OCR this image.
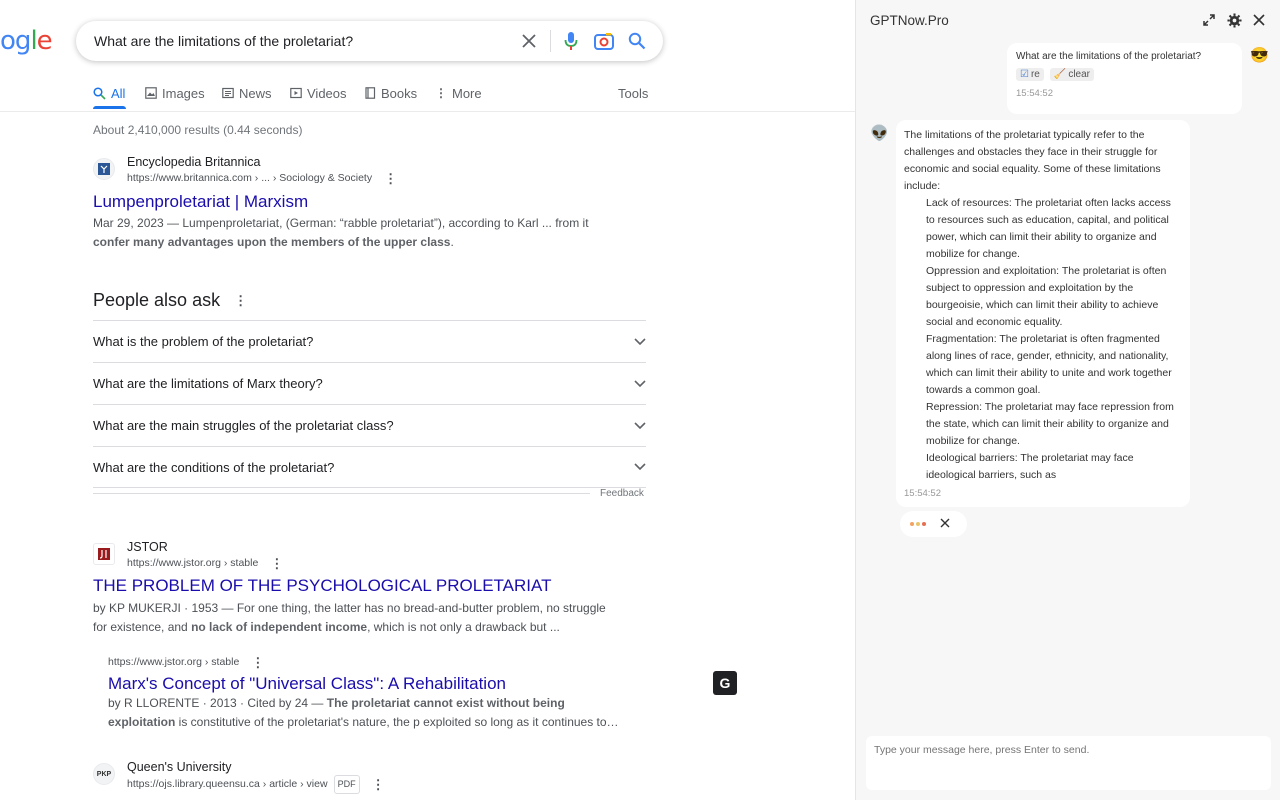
ogle
What are the limitations of the proletariat?
All	Images	News	Videos	Books ⋮ More	Tools
About 2,410,000 results (0.44 seconds)
Encyclopedia Britannica
https://www.britannica.com › ... › Sociology & Society ⋮
Lumpenproletariat | Marxism
Mar 29, 2023 — Lumpenproletariat, (German: “rabble proletariat”), according to Karl ... from it
confer many advantages upon the members of the upper class.
People also ask ⋮
What is the problem of the proletariat?
What are the limitations of Marx theory?
What are the main struggles of the proletariat class?
What are the conditions of the proletariat?
Feedback
JSTOR
https://www.jstor.org › stable ⋮
THE PROBLEM OF THE PSYCHOLOGICAL PROLETARIAT
by KP MUKERJI · 1953 — For one thing, the latter has no bread-and-butter problem, no struggle
for existence, and no lack of independent income, which is not only a drawback but ...
https://www.jstor.org › stable ⋮
Marx's Concept of "Universal Class": A Rehabilitation
by R LLORENTE · 2013 · Cited by 24 — The proletariat cannot exist without being
exploitation is constitutive of the proletariat's nature, the p exploited so long as it continues to…
PKP	Queen's University
https://ojs.library.queensu.ca › article › view	PDF	⋮
G
GPTNow.Pro
What are the limitations of the proletariat?
☑ re 🧹 clear
15:54:52
😎
👽 The limitations of the proletariat typically refer to the challenges and obstacles they face in their struggle for economic and social equality. Some of these limitations include:
Lack of resources: The proletariat often lacks access to resources such as education, capital, and political power, which can limit their ability to organize and mobilize for change.
Oppression and exploitation: The proletariat is often subject to oppression and exploitation by the bourgeoisie, which can limit their ability to achieve social and economic equality.
Fragmentation: The proletariat is often fragmented along lines of race, gender, ethnicity, and nationality, which can limit their ability to unite and work together towards a common goal.
Repression: The proletariat may face repression from the state, which can limit their ability to organize and mobilize for change.
Ideological barriers: The proletariat may face ideological barriers, such as
15:54:52
Type your message here, press Enter to send.
